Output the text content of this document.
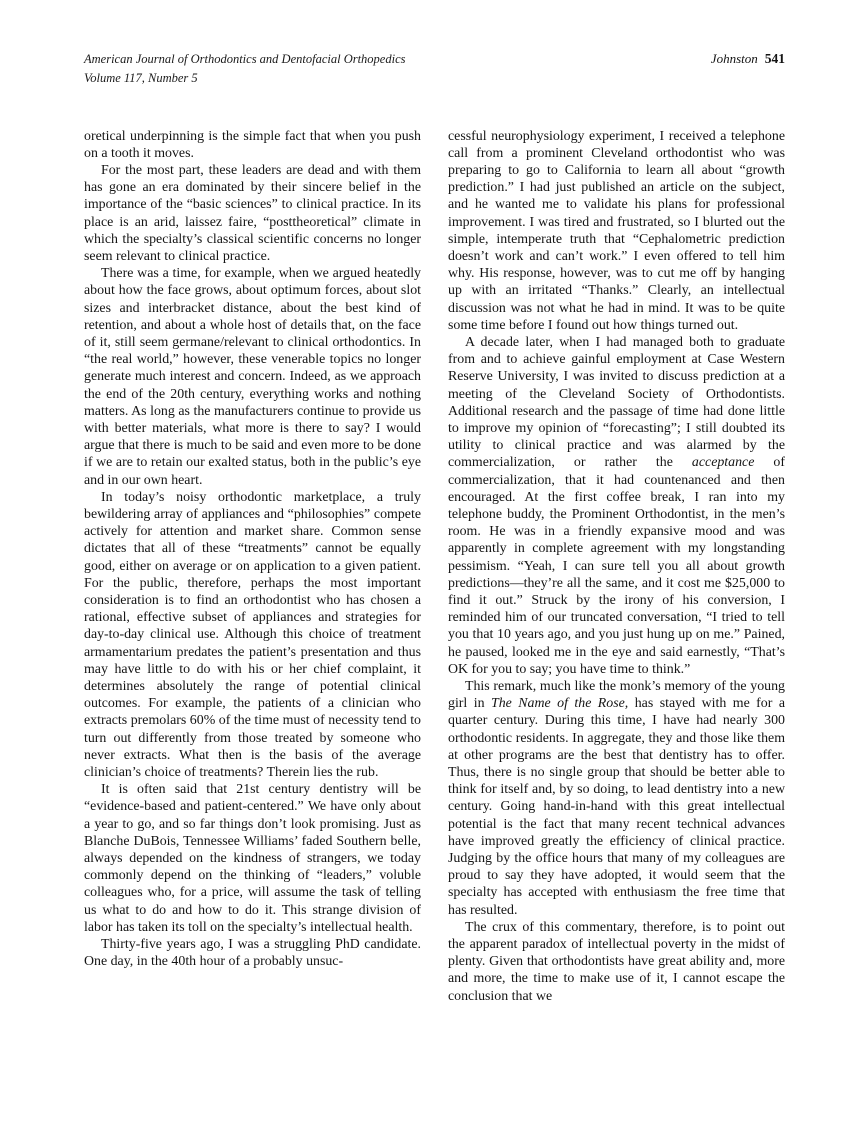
American Journal of Orthodontics and Dentofacial Orthopedics
Volume 117, Number 5
Johnston 541

oretical underpinning is the simple fact that when you push on a tooth it moves.

For the most part, these leaders are dead and with them has gone an era dominated by their sincere belief in the importance of the “basic sciences” to clinical practice. In its place is an arid, laissez faire, “posttheoretical” climate in which the specialty’s classical scientific concerns no longer seem relevant to clinical practice.

There was a time, for example, when we argued heatedly about how the face grows, about optimum forces, about slot sizes and interbracket distance, about the best kind of retention, and about a whole host of details that, on the face of it, still seem germane/relevant to clinical orthodontics. In “the real world,” however, these venerable topics no longer generate much interest and concern. Indeed, as we approach the end of the 20th century, everything works and nothing matters. As long as the manufacturers continue to provide us with better materials, what more is there to say? I would argue that there is much to be said and even more to be done if we are to retain our exalted status, both in the public’s eye and in our own heart.

In today’s noisy orthodontic marketplace, a truly bewildering array of appliances and “philosophies” compete actively for attention and market share. Common sense dictates that all of these “treatments” cannot be equally good, either on average or on application to a given patient. For the public, therefore, perhaps the most important consideration is to find an orthodontist who has chosen a rational, effective subset of appliances and strategies for day-to-day clinical use. Although this choice of treatment armamentarium predates the patient’s presentation and thus may have little to do with his or her chief complaint, it determines absolutely the range of potential clinical outcomes. For example, the patients of a clinician who extracts premolars 60% of the time must of necessity tend to turn out differently from those treated by someone who never extracts. What then is the basis of the average clinician’s choice of treatments? Therein lies the rub.

It is often said that 21st century dentistry will be “evidence-based and patient-centered.” We have only about a year to go, and so far things don’t look promising. Just as Blanche DuBois, Tennessee Williams’ faded Southern belle, always depended on the kindness of strangers, we today commonly depend on the thinking of “leaders,” voluble colleagues who, for a price, will assume the task of telling us what to do and how to do it. This strange division of labor has taken its toll on the specialty’s intellectual health.

Thirty-five years ago, I was a struggling PhD candidate. One day, in the 40th hour of a probably unsuc-

cessful neurophysiology experiment, I received a telephone call from a prominent Cleveland orthodontist who was preparing to go to California to learn all about “growth prediction.” I had just published an article on the subject, and he wanted me to validate his plans for professional improvement. I was tired and frustrated, so I blurted out the simple, intemperate truth that “Cephalometric prediction doesn’t work and can’t work.” I even offered to tell him why. His response, however, was to cut me off by hanging up with an irritated “Thanks.” Clearly, an intellectual discussion was not what he had in mind. It was to be quite some time before I found out how things turned out.

A decade later, when I had managed both to graduate from and to achieve gainful employment at Case Western Reserve University, I was invited to discuss prediction at a meeting of the Cleveland Society of Orthodontists. Additional research and the passage of time had done little to improve my opinion of “forecasting”; I still doubted its utility to clinical practice and was alarmed by the commercialization, or rather the acceptance of commercialization, that it had countenanced and then encouraged. At the first coffee break, I ran into my telephone buddy, the Prominent Orthodontist, in the men’s room. He was in a friendly expansive mood and was apparently in complete agreement with my longstanding pessimism. “Yeah, I can sure tell you all about growth predictions—they’re all the same, and it cost me $25,000 to find it out.” Struck by the irony of his conversion, I reminded him of our truncated conversation, “I tried to tell you that 10 years ago, and you just hung up on me.” Pained, he paused, looked me in the eye and said earnestly, “That’s OK for you to say; you have time to think.”

This remark, much like the monk’s memory of the young girl in The Name of the Rose, has stayed with me for a quarter century. During this time, I have had nearly 300 orthodontic residents. In aggregate, they and those like them at other programs are the best that dentistry has to offer. Thus, there is no single group that should be better able to think for itself and, by so doing, to lead dentistry into a new century. Going hand-in-hand with this great intellectual potential is the fact that many recent technical advances have improved greatly the efficiency of clinical practice. Judging by the office hours that many of my colleagues are proud to say they have adopted, it would seem that the specialty has accepted with enthusiasm the free time that has resulted.

The crux of this commentary, therefore, is to point out the apparent paradox of intellectual poverty in the midst of plenty. Given that orthodontists have great ability and, more and more, the time to make use of it, I cannot escape the conclusion that we
